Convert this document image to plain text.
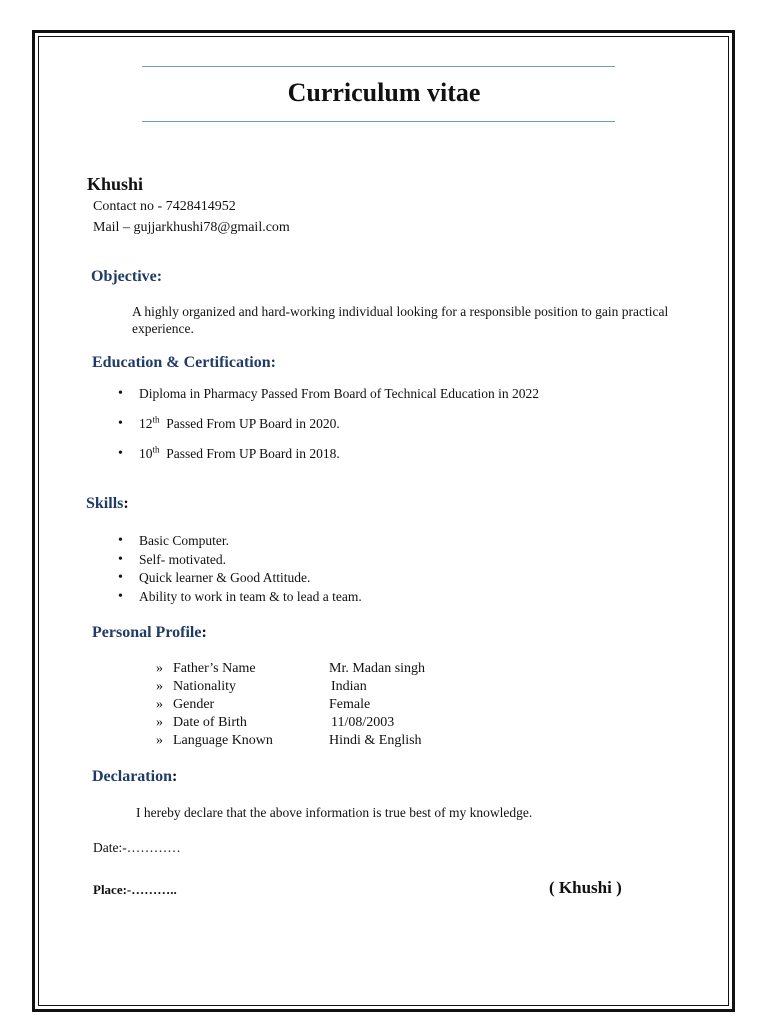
Curriculum vitae
Khushi
Contact no - 7428414952
Mail – gujjarkhushi78@gmail.com
Objective:
A highly organized and hard-working individual looking for a responsible position to gain practical experience.
Education & Certification:
• Diploma in Pharmacy Passed From Board of Technical Education in 2022
• 12th Passed From UP Board in 2020.
• 10th Passed From UP Board in 2018.
Skills:
• Basic Computer.
• Self- motivated.
• Quick learner & Good Attitude.
• Ability to work in team & to lead a team.
Personal Profile:
» Father’s Name	Mr. Madan singh
» Nationality	Indian
» Gender	Female
» Date of Birth	11/08/2003
» Language Known	Hindi & English
Declaration:
I hereby declare that the above information is true best of my knowledge.
Date:-…………
Place:-………..	( Khushi )
